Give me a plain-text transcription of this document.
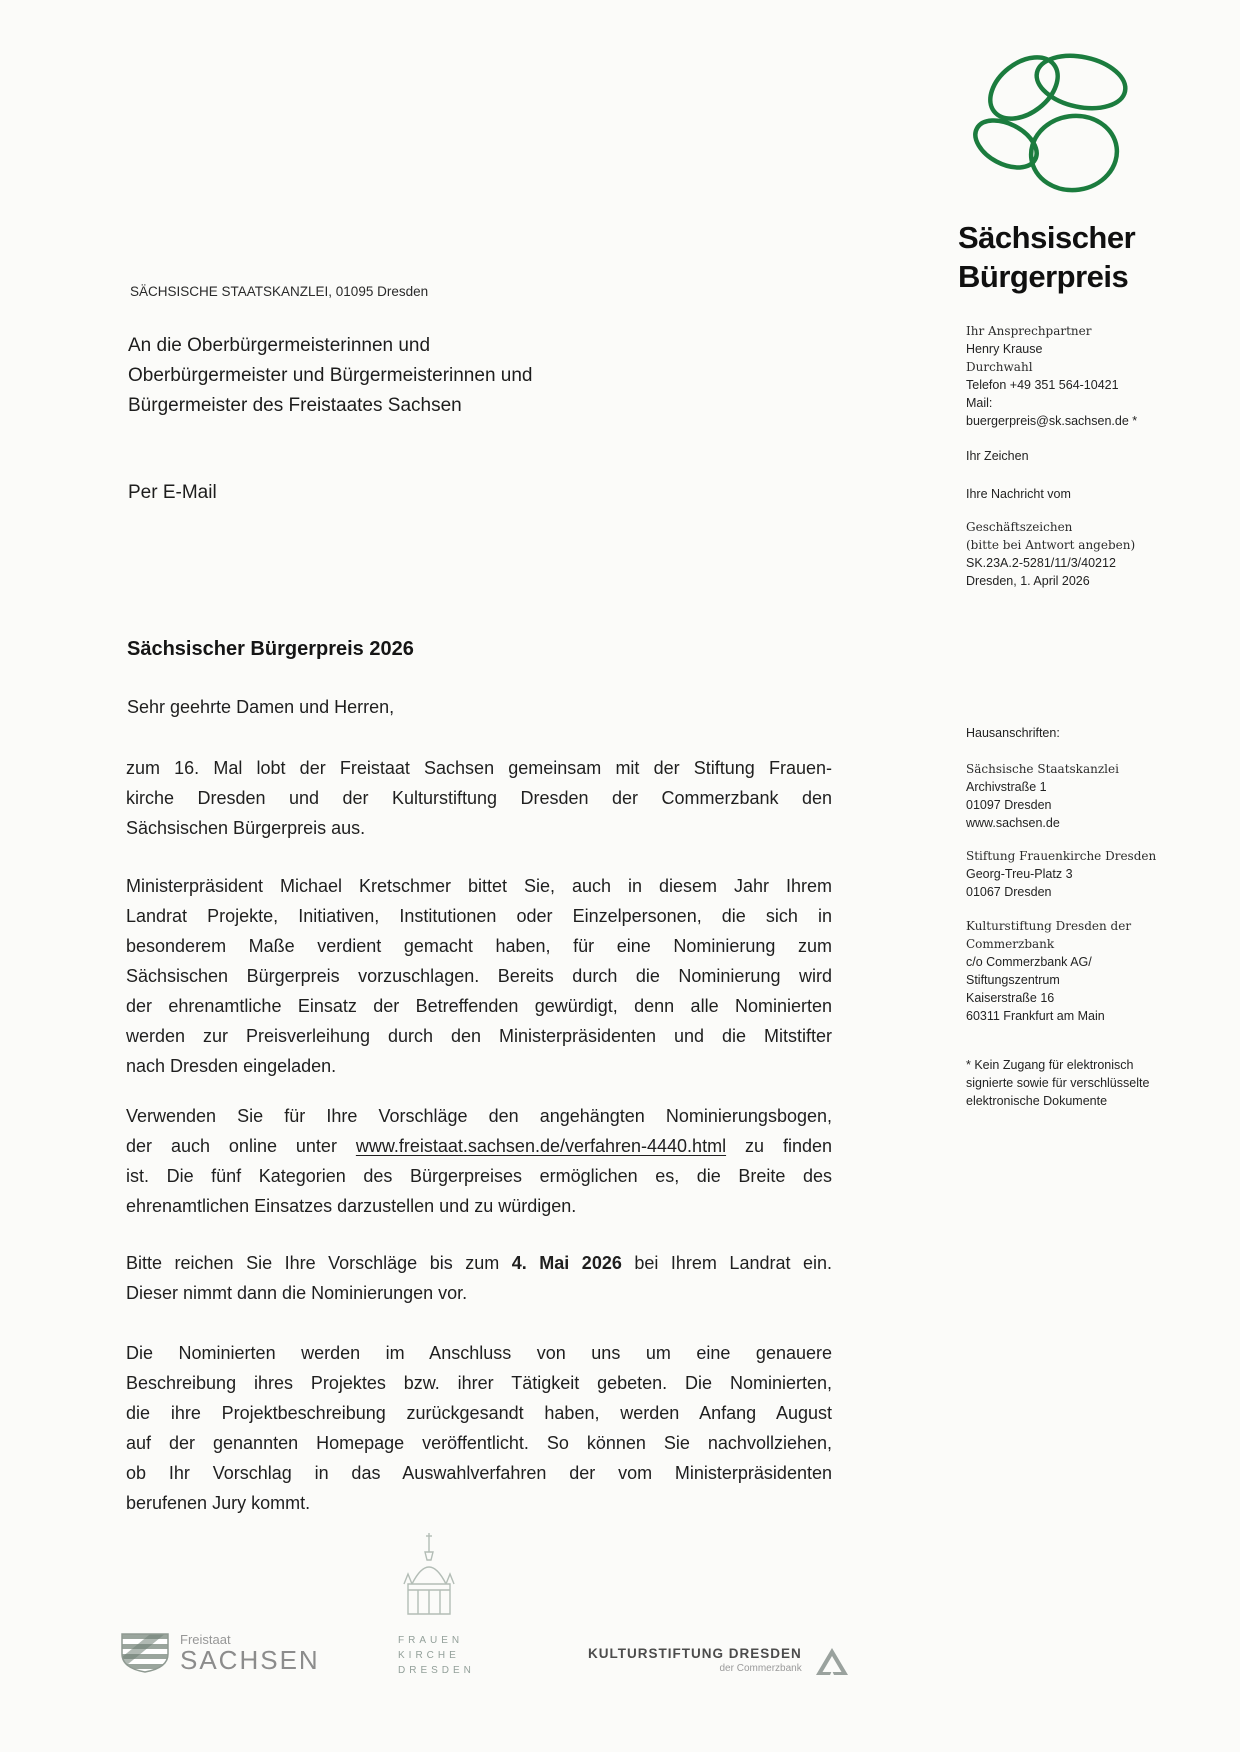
Sächsischer
Bürgerpreis
SÄCHSISCHE STAATSKANZLEI, 01095 Dresden
An die Oberbürgermeisterinnen und
Oberbürgermeister und Bürgermeisterinnen und
Bürgermeister des Freistaates Sachsen
Per E-Mail
Ihr Ansprechpartner
Henry Krause
Durchwahl
Telefon +49 351 564-10421
Mail:
buergerpreis@sk.sachsen.de *
Ihr Zeichen
Ihre Nachricht vom
Geschäftszeichen
(bitte bei Antwort angeben)
SK.23A.2-5281/11/3/40212
Dresden, 1. April 2026
Hausanschriften:
Sächsische Staatskanzlei
Archivstraße 1
01097 Dresden
www.sachsen.de
Stiftung Frauenkirche Dresden
Georg-Treu-Platz 3
01067 Dresden
Kulturstiftung Dresden der
Commerzbank
c/o Commerzbank AG/
Stiftungszentrum
Kaiserstraße 16
60311 Frankfurt am Main
* Kein Zugang für elektronisch
signierte sowie für verschlüsselte
elektronische Dokumente
Sächsischer Bürgerpreis 2026

Sehr geehrte Damen und Herren,

zum 16. Mal lobt der Freistaat Sachsen gemeinsam mit der Stiftung Frauen-
kirche Dresden und der Kulturstiftung Dresden der Commerzbank den
Sächsischen Bürgerpreis aus.
Ministerpräsident Michael Kretschmer bittet Sie, auch in diesem Jahr Ihrem
Landrat Projekte, Initiativen, Institutionen oder Einzelpersonen, die sich in
besonderem Maße verdient gemacht haben, für eine Nominierung zum
Sächsischen Bürgerpreis vorzuschlagen. Bereits durch die Nominierung wird
der ehrenamtliche Einsatz der Betreffenden gewürdigt, denn alle Nominierten
werden zur Preisverleihung durch den Ministerpräsidenten und die Mitstifter
nach Dresden eingeladen.
Verwenden Sie für Ihre Vorschläge den angehängten Nominierungsbogen,
der auch online unter www.freistaat.sachsen.de/verfahren-4440.html zu finden
ist. Die fünf Kategorien des Bürgerpreises ermöglichen es, die Breite des
ehrenamtlichen Einsatzes darzustellen und zu würdigen.
Bitte reichen Sie Ihre Vorschläge bis zum 4. Mai 2026 bei Ihrem Landrat ein.
Dieser nimmt dann die Nominierungen vor.
Die Nominierten werden im Anschluss von uns um eine genauere
Beschreibung ihres Projektes bzw. ihrer Tätigkeit gebeten. Die Nominierten,
die ihre Projektbeschreibung zurückgesandt haben, werden Anfang August
auf der genannten Homepage veröffentlicht. So können Sie nachvollziehen,
ob Ihr Vorschlag in das Auswahlverfahren der vom Ministerpräsidenten
berufenen Jury kommt.
FRAUEN
KIRCHE
DRESDEN
Freistaat
SACHSEN	KULTURSTIFTUNG DRESDEN
der Commerzbank
